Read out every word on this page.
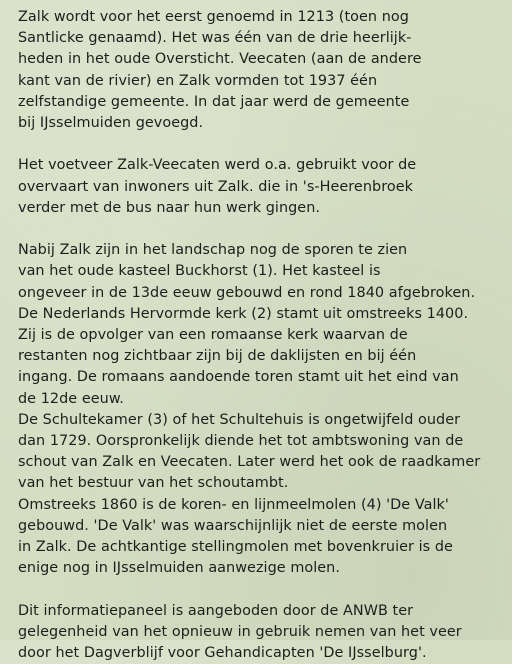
Zalk wordt voor het eerst genoemd in 1213 (toen nog
Santlicke genaamd). Het was één van de drie heerlijk-
heden in het oude Oversticht. Veecaten (aan de andere
kant van de rivier) en Zalk vormden tot 1937 één
zelfstandige gemeente. In dat jaar werd de gemeente
bij IJsselmuiden gevoegd.
Het voetveer Zalk-Veecaten werd o.a. gebruikt voor de
overvaart van inwoners uit Zalk. die in 's-Heerenbroek
verder met de bus naar hun werk gingen.
Nabij Zalk zijn in het landschap nog de sporen te zien
van het oude kasteel Buckhorst (1). Het kasteel is
ongeveer in de 13de eeuw gebouwd en rond 1840 afgebroken.
De Nederlands Hervormde kerk (2) stamt uit omstreeks 1400.
Zij is de opvolger van een romaanse kerk waarvan de
restanten nog zichtbaar zijn bij de daklijsten en bij één
ingang. De romaans aandoende toren stamt uit het eind van
de 12de eeuw.
De Schultekamer (3) of het Schultehuis is ongetwijfeld ouder
dan 1729. Oorspronkelijk diende het tot ambtswoning van de
schout van Zalk en Veecaten. Later werd het ook de raadkamer
van het bestuur van het schoutambt.
Omstreeks 1860 is de koren- en lijnmeelmolen (4) 'De Valk'
gebouwd. 'De Valk' was waarschijnlijk niet de eerste molen
in Zalk. De achtkantige stellingmolen met bovenkruier is de
enige nog in IJsselmuiden aanwezige molen.
Dit informatiepaneel is aangeboden door de ANWB ter
gelegenheid van het opnieuw in gebruik nemen van het veer
door het Dagverblijf voor Gehandicapten 'De IJsselburg'.
